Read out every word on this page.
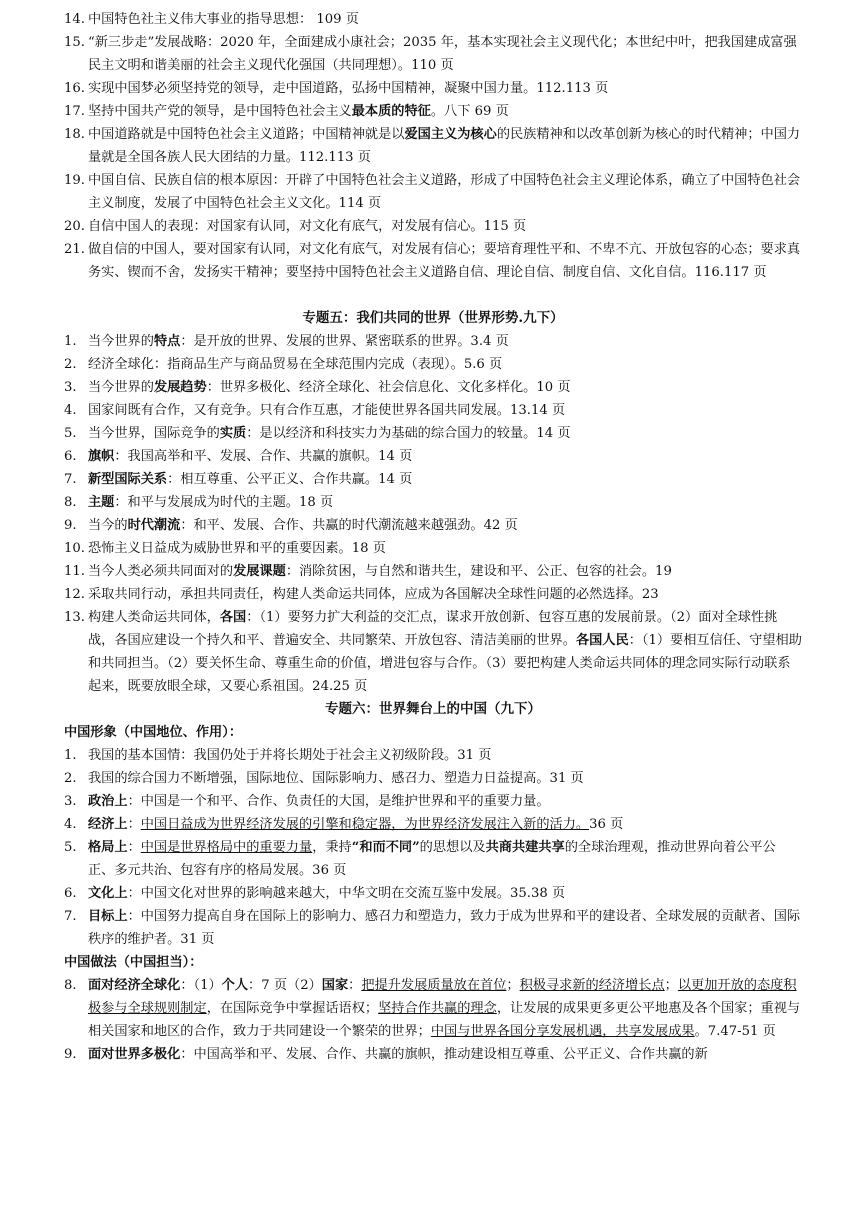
14. 中国特色社主义伟大事业的指导思想： 109 页
15. “新三步走”发展战略：2020 年，全面建成小康社会；2035 年，基本实现社会主义现代化；本世纪中叶，把我国建成富强民主文明和谐美丽的社会主义现代化强国（共同理想）。110 页
16. 实现中国梦必须坚持党的领导，走中国道路，弘扬中国精神，凝聚中国力量。112.113 页
17. 坚持中国共产党的领导，是中国特色社会主义最本质的特征。八下 69 页
18. 中国道路就是中国特色社会主义道路；中国精神就是以爱国主义为核心的民族精神和以改革创新为核心的时代精神；中国力量就是全国各族人民大团结的力量。112.113 页
19. 中国自信、民族自信的根本原因：开辟了中国特色社会主义道路，形成了中国特色社会主义理论体系，确立了中国特色社会主义制度，发展了中国特色社会主义文化。114 页
20. 自信中国人的表现：对国家有认同，对文化有底气，对发展有信心。115 页
21. 做自信的中国人，要对国家有认同，对文化有底气，对发展有信心；要培育理性平和、不卑不亢、开放包容的心态；要求真务实、锲而不舍，发扬实干精神；要坚持中国特色社会主义道路自信、理论自信、制度自信、文化自信。116.117 页
专题五：我们共同的世界（世界形势.九下）
1. 当今世界的特点：是开放的世界、发展的世界、紧密联系的世界。3.4 页
2. 经济全球化：指商品生产与商品贸易在全球范围内完成（表现）。5.6 页
3. 当今世界的发展趋势：世界多极化、经济全球化、社会信息化、文化多样化。10 页
4. 国家间既有合作，又有竞争。只有合作互惠，才能使世界各国共同发展。13.14 页
5. 当今世界，国际竞争的实质：是以经济和科技实力为基础的综合国力的较量。14 页
6. 旗帜：我国高举和平、发展、合作、共赢的旗帜。14 页
7. 新型国际关系：相互尊重、公平正义、合作共赢。14 页
8. 主题：和平与发展成为时代的主题。18 页
9. 当今的时代潮流：和平、发展、合作、共赢的时代潮流越来越强劲。42 页
10. 恐怖主义日益成为威胁世界和平的重要因素。18 页
11. 当今人类必须共同面对的发展课题：消除贫困，与自然和谐共生，建设和平、公正、包容的社会。19
12. 采取共同行动，承担共同责任，构建人类命运共同体，应成为各国解决全球性问题的必然选择。23
13. 构建人类命运共同体，各国：（1）要努力扩大利益的交汇点，谋求开放创新、包容互惠的发展前景。（2）面对全球性挑战，各国应建设一个持久和平、普遍安全、共同繁荣、开放包容、清洁美丽的世界。各国人民：（1）要相互信任、守望相助和共同担当。（2）要关怀生命、尊重生命的价值，增进包容与合作。（3）要把构建人类命运共同体的理念同实际行动联系起来，既要放眼全球，又要心系祖国。24.25 页
专题六：世界舞台上的中国（九下）
中国形象（中国地位、作用）：
1. 我国的基本国情：我国仍处于并将长期处于社会主义初级阶段。31 页
2. 我国的综合国力不断增强，国际地位、国际影响力、感召力、塑造力日益提高。31 页
3. 政治上：中国是一个和平、合作、负责任的大国，是维护世界和平的重要力量。
4. 经济上：中国日益成为世界经济发展的引擎和稳定器，为世界经济发展注入新的活力。36 页
5. 格局上：中国是世界格局中的重要力量，秉持“和而不同”的思想以及共商共建共享的全球治理观，推动世界向着公平公正、多元共治、包容有序的格局发展。36 页
6. 文化上：中国文化对世界的影响越来越大，中华文明在交流互鉴中发展。35.38 页
7. 目标上：中国努力提高自身在国际上的影响力、感召力和塑造力，致力于成为世界和平的建设者、全球发展的贡献者、国际秩序的维护者。31 页
中国做法（中国担当）：
8. 面对经济全球化：（1）个人：7 页（2）国家：把提升发展质量放在首位；积极寻求新的经济增长点；以更加开放的态度积极参与全球规则制定，在国际竞争中掌握话语权；坚持合作共赢的理念，让发展的成果更多更公平地惠及各个国家；重视与相关国家和地区的合作，致力于共同建设一个繁荣的世界；中国与世界各国分享发展机遇，共享发展成果。7.47-51 页
9. 面对世界多极化：中国高举和平、发展、合作、共赢的旗帜，推动建设相互尊重、公平正义、合作共赢的新
